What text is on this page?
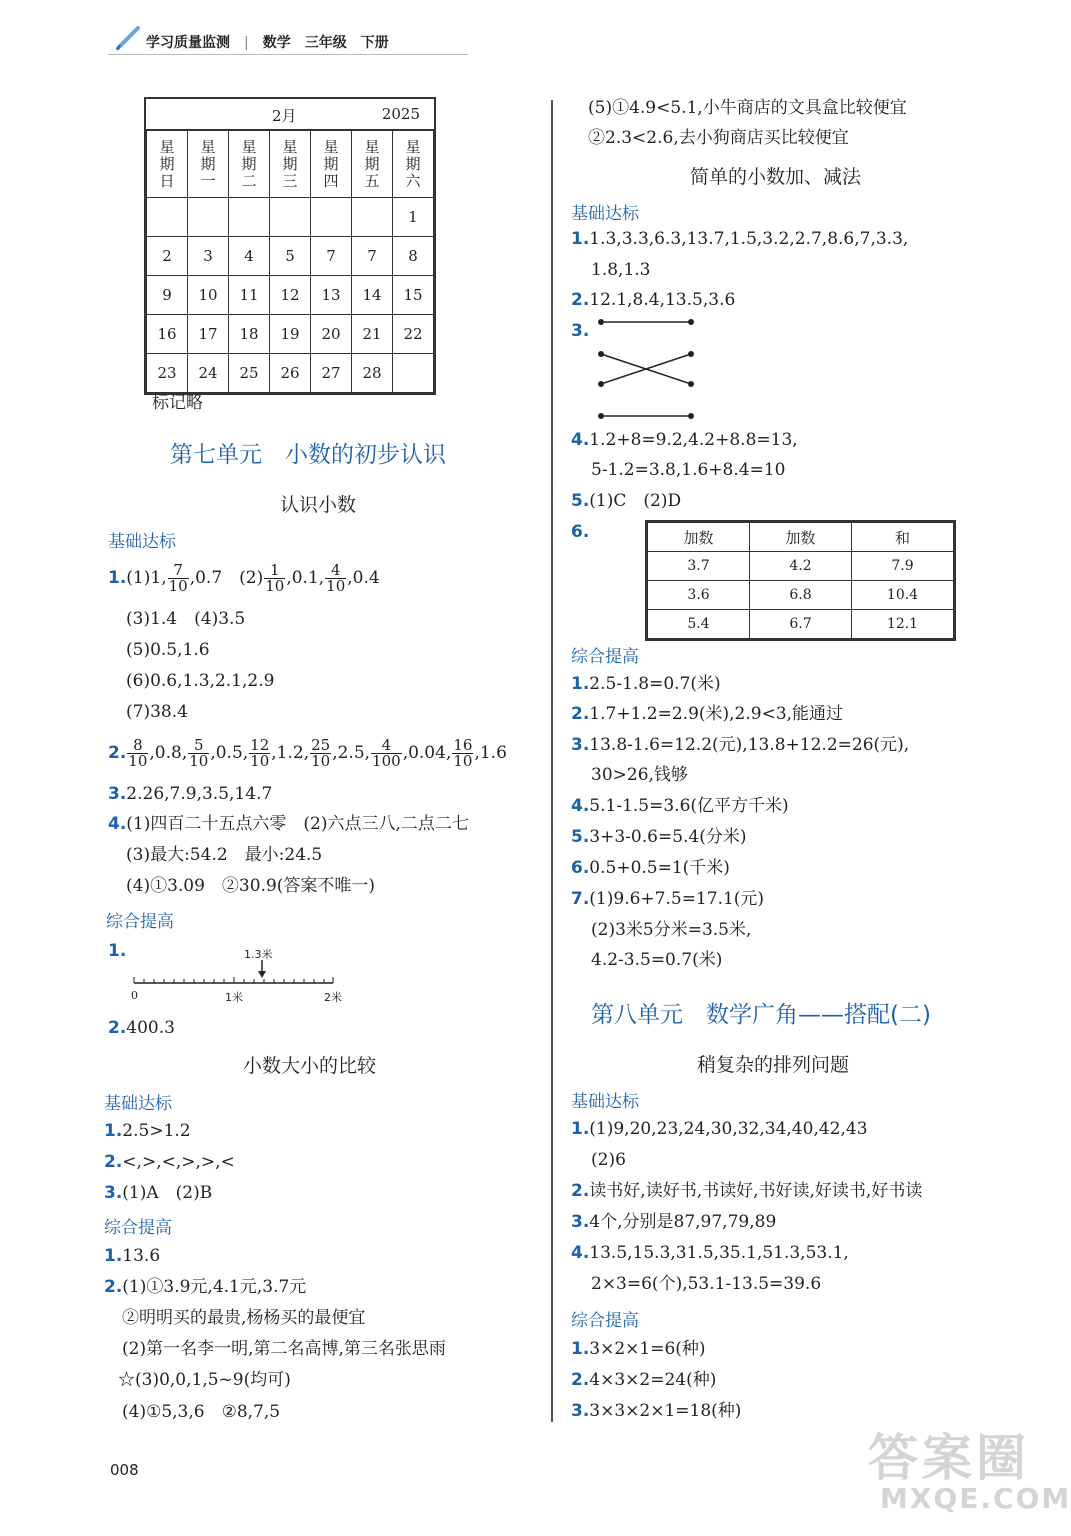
学习质量监测 | 数学 三年级 下册
2月	2025
星期日	星期一	星期二	星期三	星期四	星期五	星期六
						1
2	3	4	5	7	7	8
9	10	11	12	13	14	15
16	17	18	19	20	21	22
23	24	25	26	27	28	
标记略
第七单元　小数的初步认识
认识小数
基础达标
1.(1)1, $\frac{7}{10} ,0.7$　$(2) \frac{1}{10} ,0.1$, $\frac{4}{10} ,0.4$
(3)1.4　(4)3.5
(5)0.5,1.6
(6)0.6,1.3,2.1,2.9
(7)38.4
2. $\frac{8}{10} ,0.8$, $\frac{5}{10} ,0.5$, $\frac{12}{10} ,1.2$, $\frac{25}{10} ,2.5$, $\frac{4}{100} ,0.04$, $\frac{16}{10} ,1.6$
3.2.26,7.9,3.5,14.7
4.(1)四百二十五点六零　(2)六点三八,二点二七
(3)最大:54.2　最小:24.5
(4)①3.09　②30.9(答案不唯一)
综合提高
1.	1.3米
0	1米	2米
2.400.3
小数大小的比较
基础达标
1.2.5>1.2
2.<,>,<,>,>,<
3.(1)A　(2)B
综合提高
1.13.6
2.(1)①3.9元,4.1元,3.7元
②明明买的最贵,杨杨买的最便宜
(2)第一名李一明,第二名高博,第三名张思雨
☆(3)0,0,1,5~9(均可)
(4)①5,3,6　②8,7,5
(5)①4.9<5.1,小牛商店的文具盒比较便宜
②2.3<2.6,去小狗商店买比较便宜
简单的小数加、减法
基础达标
1.1.3,3.3,6.3,13.7,1.5,3.2,2.7,8.6,7,3.3,
1.8,1.3
2.12.1,8.4,13.5,3.6
3.
4.1.2+8=9.2,4.2+8.8=13,
5-1.2=3.8,1.6+8.4=10
5.(1)C　(2)D
6.	加数	加数	和
3.7	4.2	7.9
3.6	6.8	10.4
5.4	6.7	12.1
综合提高
1.2.5-1.8=0.7(米)
2.1.7+1.2=2.9(米),2.9<3,能通过
3.13.8-1.6=12.2(元),13.8+12.2=26(元),
30>26,钱够
4.5.1-1.5=3.6(亿平方千米)
5.3+3-0.6=5.4(分米)
6.0.5+0.5=1(千米)
7.(1)9.6+7.5=17.1(元)
(2)3米5分米=3.5米,
4.2-3.5=0.7(米)
第八单元　数学广角——搭配(二)
稍复杂的排列问题
基础达标
1.(1)9,20,23,24,30,32,34,40,42,43
(2)6
2.读书好,读好书,书读好,书好读,好读书,好书读
3.4个,分别是87,97,79,89
4.13.5,15.3,31.5,35.1,51.3,53.1,
2×3=6(个),53.1-13.5=39.6
综合提高
1.3×2×1=6(种)
2.4×3×2=24(种)
3.3×3×2×1=18(种)
008	答案圈
MXQE.COM
